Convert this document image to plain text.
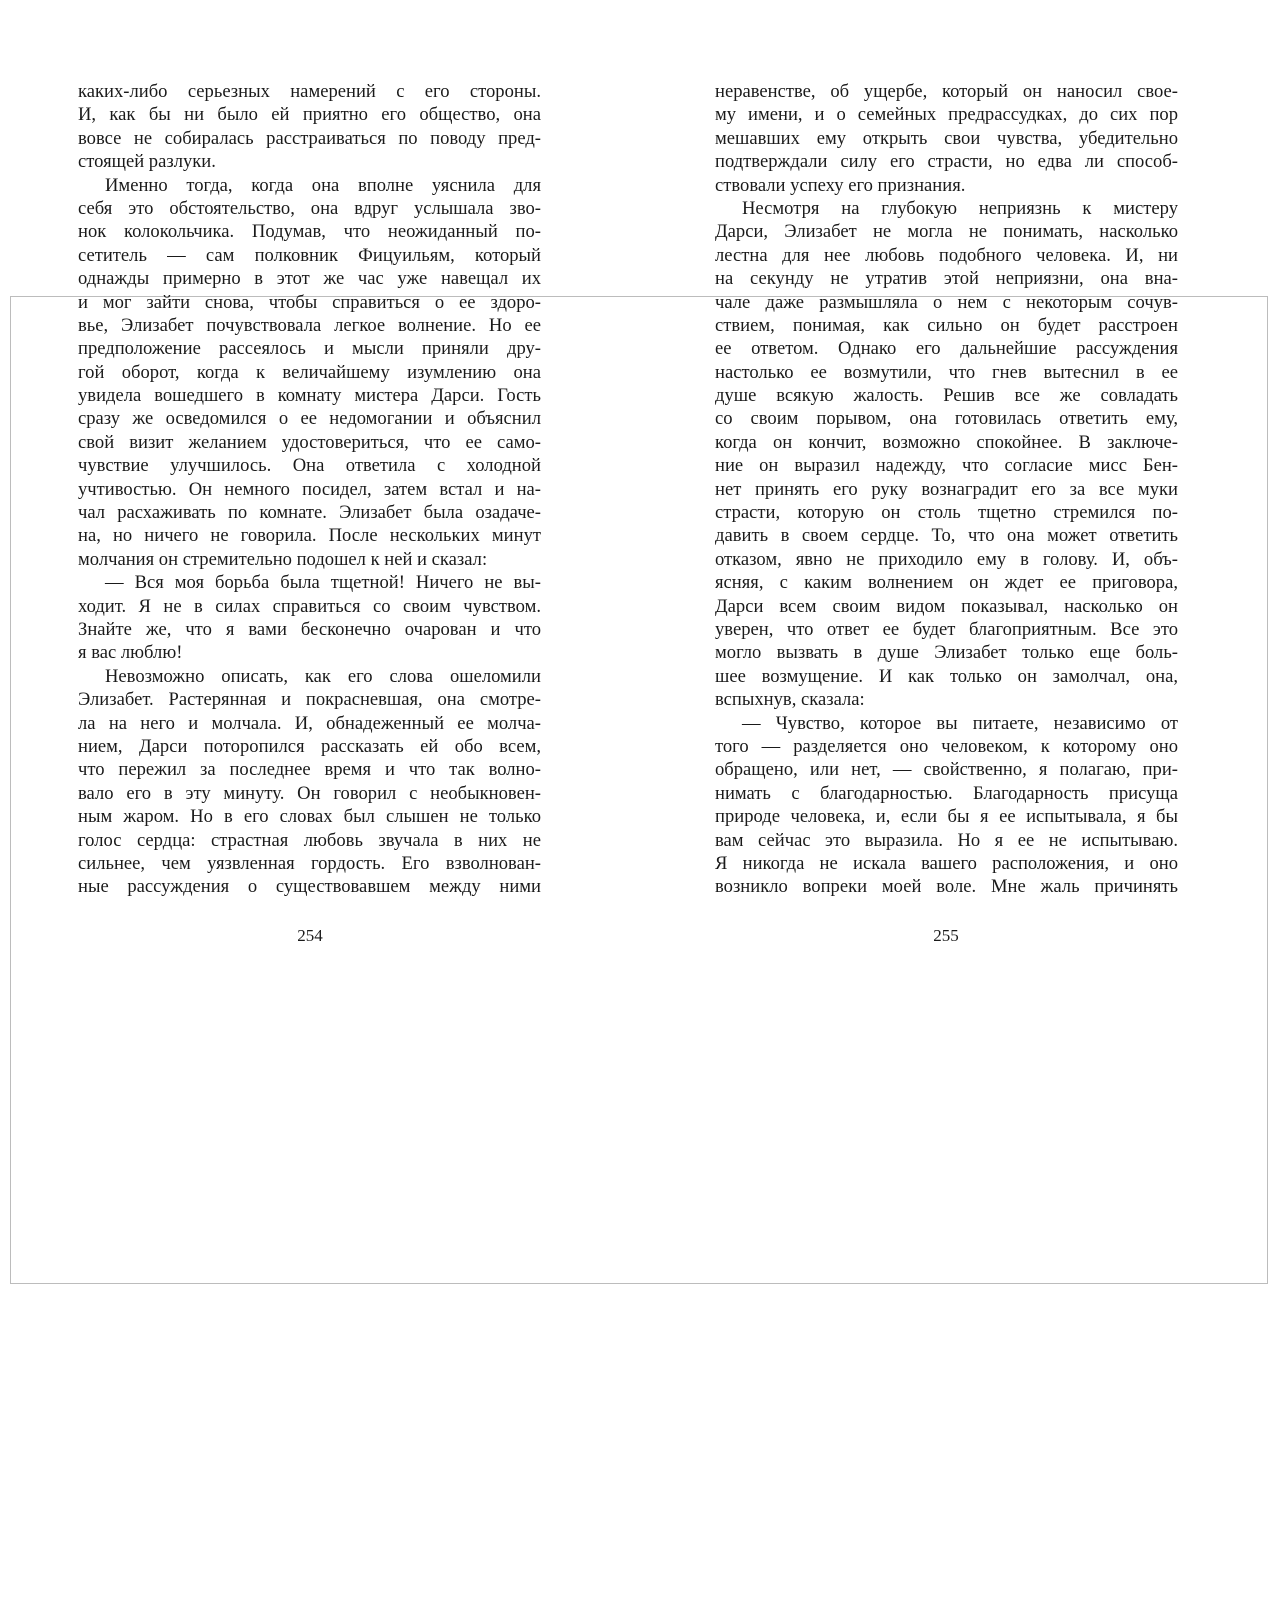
каких-либо серьезных намерений с его стороны.
И, как бы ни было ей приятно его общество, она
вовсе не собиралась расстраиваться по поводу пред-
стоящей разлуки.
Именно тогда, когда она вполне уяснила для
себя это обстоятельство, она вдруг услышала зво-
нок колокольчика. Подумав, что неожиданный по-
сетитель — сам полковник Фицуильям, который
однажды примерно в этот же час уже навещал их
и мог зайти снова, чтобы справиться о ее здоро-
вье, Элизабет почувствовала легкое волнение. Но ее
предположение рассеялось и мысли приняли дру-
гой оборот, когда к величайшему изумлению она
увидела вошедшего в комнату мистера Дарси. Гость
сразу же осведомился о ее недомогании и объяснил
свой визит желанием удостовериться, что ее само-
чувствие улучшилось. Она ответила с холодной
учтивостью. Он немного посидел, затем встал и на-
чал расхаживать по комнате. Элизабет была озадаче-
на, но ничего не говорила. После нескольких минут
молчания он стремительно подошел к ней и сказал:
— Вся моя борьба была тщетной! Ничего не вы-
ходит. Я не в силах справиться со своим чувством.
Знайте же, что я вами бесконечно очарован и что
я вас люблю!
Невозможно описать, как его слова ошеломили
Элизабет. Растерянная и покрасневшая, она смотре-
ла на него и молчала. И, обнадеженный ее молча-
нием, Дарси поторопился рассказать ей обо всем,
что пережил за последнее время и что так волно-
вало его в эту минуту. Он говорил с необыкновен-
ным жаром. Но в его словах был слышен не только
голос сердца: страстная любовь звучала в них не
сильнее, чем уязвленная гордость. Его взволнован-
ные рассуждения о существовавшем между ними
неравенстве, об ущербе, который он наносил свое-
му имени, и о семейных предрассудках, до сих пор
мешавших ему открыть свои чувства, убедительно
подтверждали силу его страсти, но едва ли способ-
ствовали успеху его признания.
Несмотря на глубокую неприязнь к мистеру
Дарси, Элизабет не могла не понимать, насколько
лестна для нее любовь подобного человека. И, ни
на секунду не утратив этой неприязни, она вна-
чале даже размышляла о нем с некоторым сочув-
ствием, понимая, как сильно он будет расстроен
ее ответом. Однако его дальнейшие рассуждения
настолько ее возмутили, что гнев вытеснил в ее
душе всякую жалость. Решив все же совладать
со своим порывом, она готовилась ответить ему,
когда он кончит, возможно спокойнее. В заключе-
ние он выразил надежду, что согласие мисс Бен-
нет принять его руку вознаградит его за все муки
страсти, которую он столь тщетно стремился по-
давить в своем сердце. То, что она может ответить
отказом, явно не приходило ему в голову. И, объ-
ясняя, с каким волнением он ждет ее приговора,
Дарси всем своим видом показывал, насколько он
уверен, что ответ ее будет благоприятным. Все это
могло вызвать в душе Элизабет только еще боль-
шее возмущение. И как только он замолчал, она,
вспыхнув, сказала:
— Чувство, которое вы питаете, независимо от
того — разделяется оно человеком, к которому оно
обращено, или нет, — свойственно, я полагаю, при-
нимать с благодарностью. Благодарность присуща
природе человека, и, если бы я ее испытывала, я бы
вам сейчас это выразила. Но я ее не испытываю.
Я никогда не искала вашего расположения, и оно
возникло вопреки моей воле. Мне жаль причинять
254	255
